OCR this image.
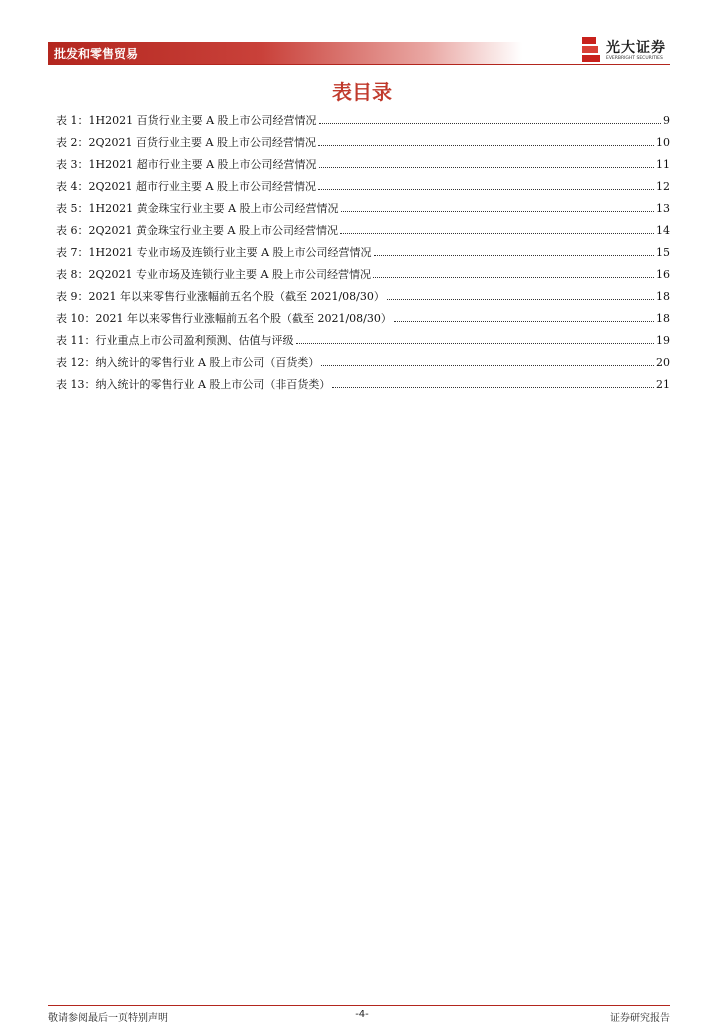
批发和零售贸易	光大证券
EVERBRIGHT SECURITIES
表目录
表 1：1H2021 百货行业主要 A 股上市公司经营情况	9
表 2：2Q2021 百货行业主要 A 股上市公司经营情况	10
表 3：1H2021 超市行业主要 A 股上市公司经营情况	11
表 4：2Q2021 超市行业主要 A 股上市公司经营情况	12
表 5：1H2021 黄金珠宝行业主要 A 股上市公司经营情况	13
表 6：2Q2021 黄金珠宝行业主要 A 股上市公司经营情况	14
表 7：1H2021 专业市场及连锁行业主要 A 股上市公司经营情况	15
表 8：2Q2021 专业市场及连锁行业主要 A 股上市公司经营情况	16
表 9：2021 年以来零售行业涨幅前五名个股（截至 2021/08/30）	18
表 10：2021 年以来零售行业涨幅前五名个股（截至 2021/08/30）	18
表 11：行业重点上市公司盈利预测、估值与评级	19
表 12：纳入统计的零售行业 A 股上市公司（百货类）	20
表 13：纳入统计的零售行业 A 股上市公司（非百货类）	21
敬请参阅最后一页特别声明	-4-	证券研究报告
